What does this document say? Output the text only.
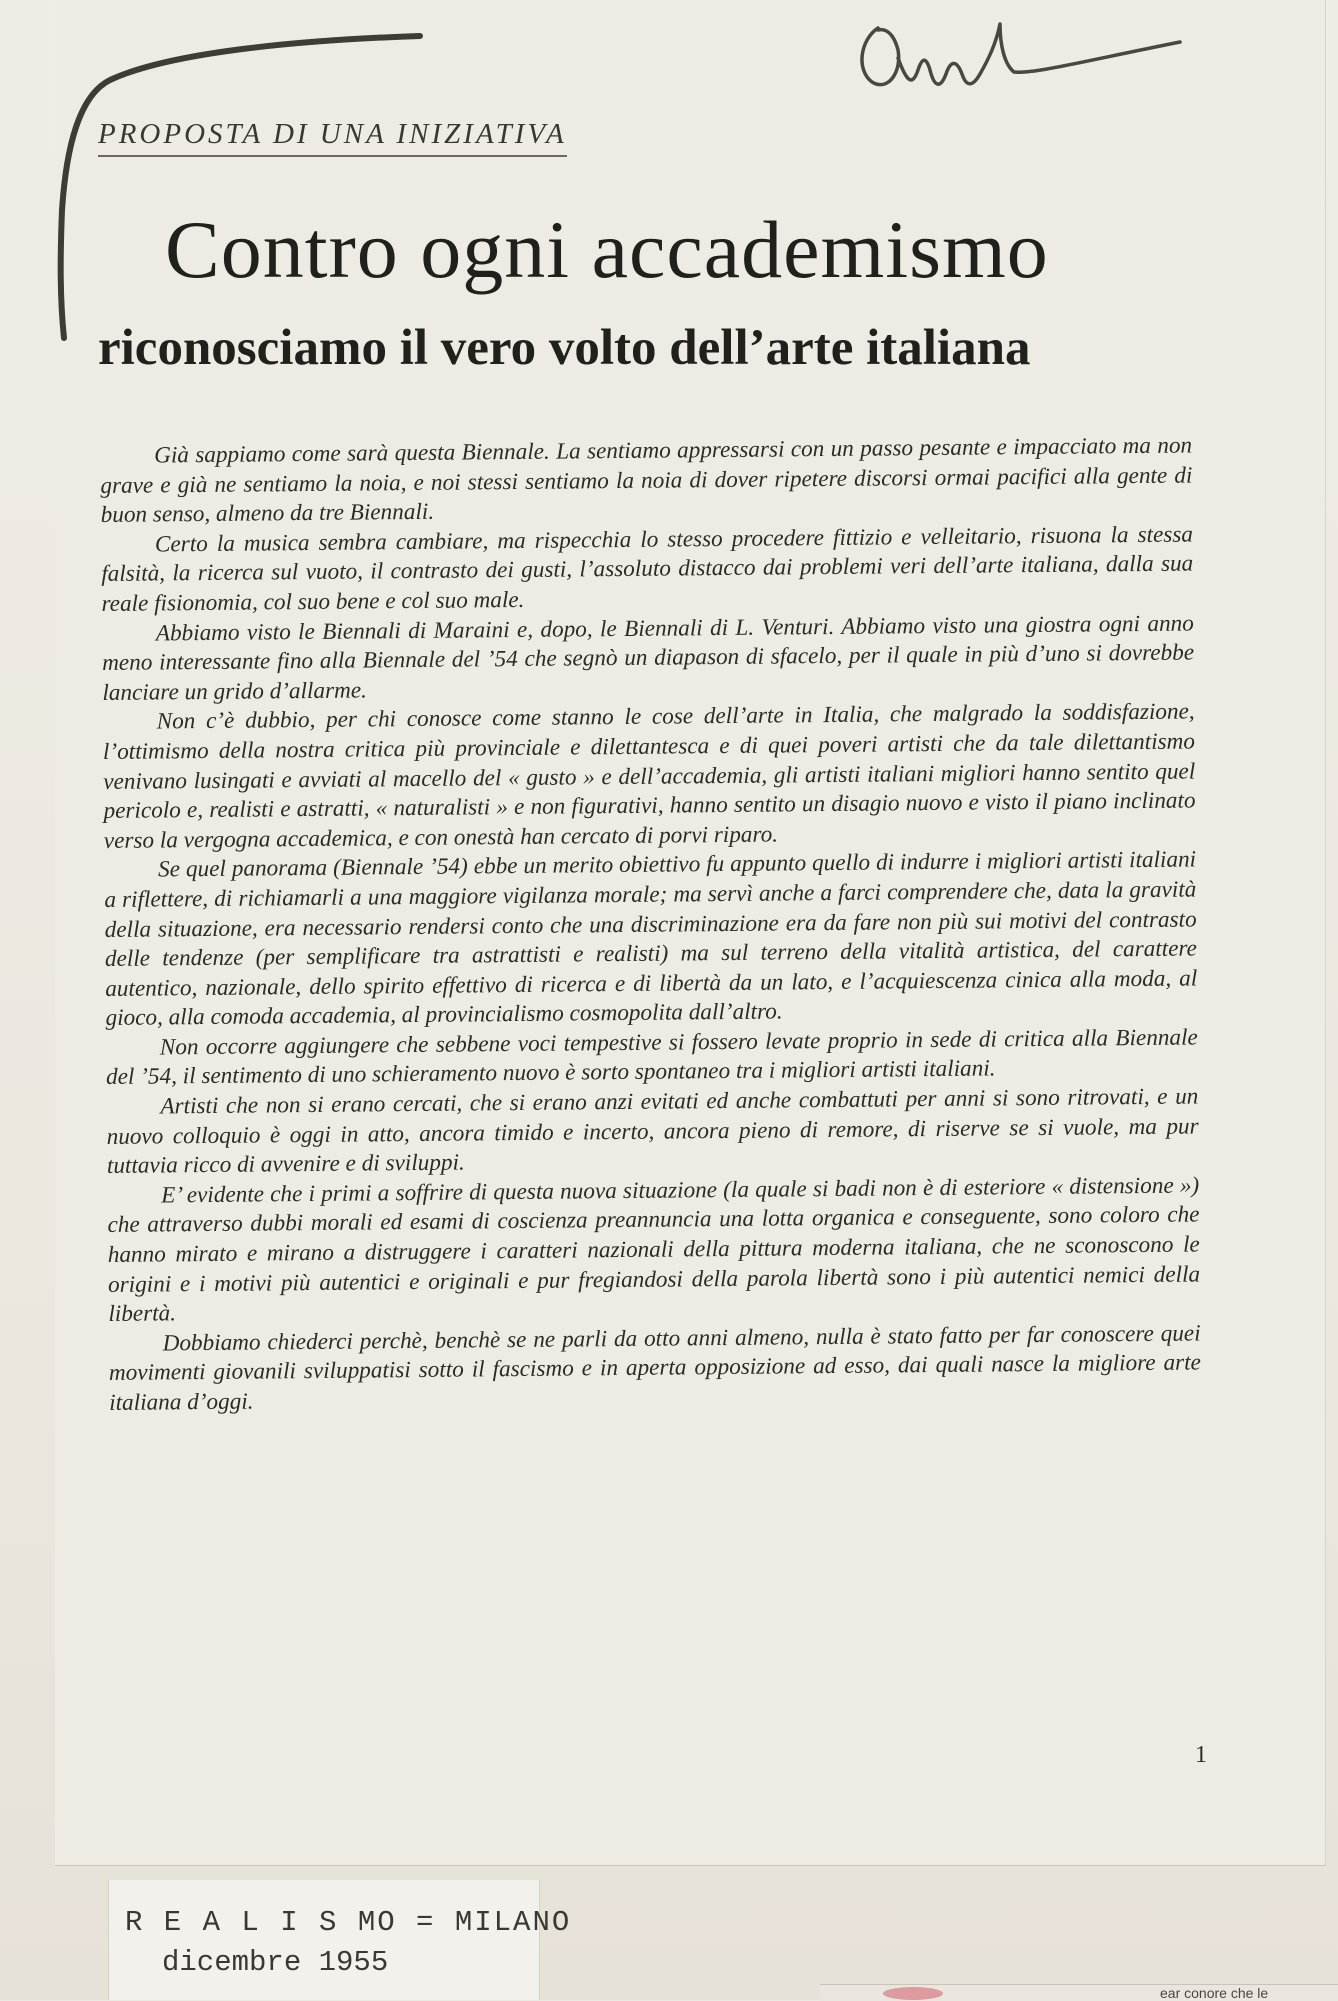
PROPOSTA DI UNA INIZIATIVA
Contro ogni accademismo
riconosciamo il vero volto dell’arte italiana

Già sappiamo come sarà questa Biennale. La sentiamo appressarsi con un passo pesante e impacciato ma non grave e già ne sentiamo la noia, e noi stessi sentiamo la noia di dover ripetere discorsi ormai pacifici alla gente di buon senso, almeno da tre Biennali.

Certo la musica sembra cambiare, ma rispecchia lo stesso procedere fittizio e velleitario, risuona la stessa falsità, la ricerca sul vuoto, il contrasto dei gusti, l’assoluto distacco dai problemi veri dell’arte italiana, dalla sua reale fisionomia, col suo bene e col suo male.

Abbiamo visto le Biennali di Maraini e, dopo, le Biennali di L. Venturi. Abbiamo visto una giostra ogni anno meno interessante fino alla Biennale del ’54 che segnò un diapason di sfacelo, per il quale in più d’uno si dovrebbe lanciare un grido d’allarme.

Non c’è dubbio, per chi conosce come stanno le cose dell’arte in Italia, che malgrado la soddisfazione, l’ottimismo della nostra critica più provinciale e dilettantesca e di quei poveri artisti che da tale dilettantismo venivano lusingati e avviati al macello del « gusto » e dell’accademia, gli artisti italiani migliori hanno sentito quel pericolo e, realisti e astratti, « naturalisti » e non figurativi, hanno sentito un disagio nuovo e visto il piano inclinato verso la vergogna accademica, e con onestà han cercato di porvi riparo.

Se quel panorama (Biennale ’54) ebbe un merito obiettivo fu appunto quello di indurre i migliori artisti italiani a riflettere, di richiamarli a una maggiore vigilanza morale; ma servì anche a farci comprendere che, data la gravità della situazione, era necessario rendersi conto che una discriminazione era da fare non più sui motivi del contrasto delle tendenze (per semplificare tra astrattisti e realisti) ma sul terreno della vitalità artistica, del carattere autentico, nazionale, dello spirito effettivo di ricerca e di libertà da un lato, e l’acquiescenza cinica alla moda, al gioco, alla comoda accademia, al provincialismo cosmopolita dall’altro.

Non occorre aggiungere che sebbene voci tempestive si fossero levate proprio in sede di critica alla Biennale del ’54, il sentimento di uno schieramento nuovo è sorto spontaneo tra i migliori artisti italiani.

Artisti che non si erano cercati, che si erano anzi evitati ed anche combattuti per anni si sono ritrovati, e un nuovo colloquio è oggi in atto, ancora timido e incerto, ancora pieno di remore, di riserve se si vuole, ma pur tuttavia ricco di avvenire e di sviluppi.

E’ evidente che i primi a soffrire di questa nuova situazione (la quale si badi non è di esteriore « distensione ») che attraverso dubbi morali ed esami di coscienza preannuncia una lotta organica e conseguente, sono coloro che hanno mirato e mirano a distruggere i caratteri nazionali della pittura moderna italiana, che ne sconoscono le origini e i motivi più autentici e originali e pur fregiandosi della parola libertà sono i più autentici nemici della libertà.

Dobbiamo chiederci perchè, benchè se ne parli da otto anni almeno, nulla è stato fatto per far conoscere quei movimenti giovanili sviluppatisi sotto il fascismo e in aperta opposizione ad esso, dai quali nasce la migliore arte italiana d’oggi.

1
R E A L I S MO = MILANO
dicembre 1955
ear conore che le
